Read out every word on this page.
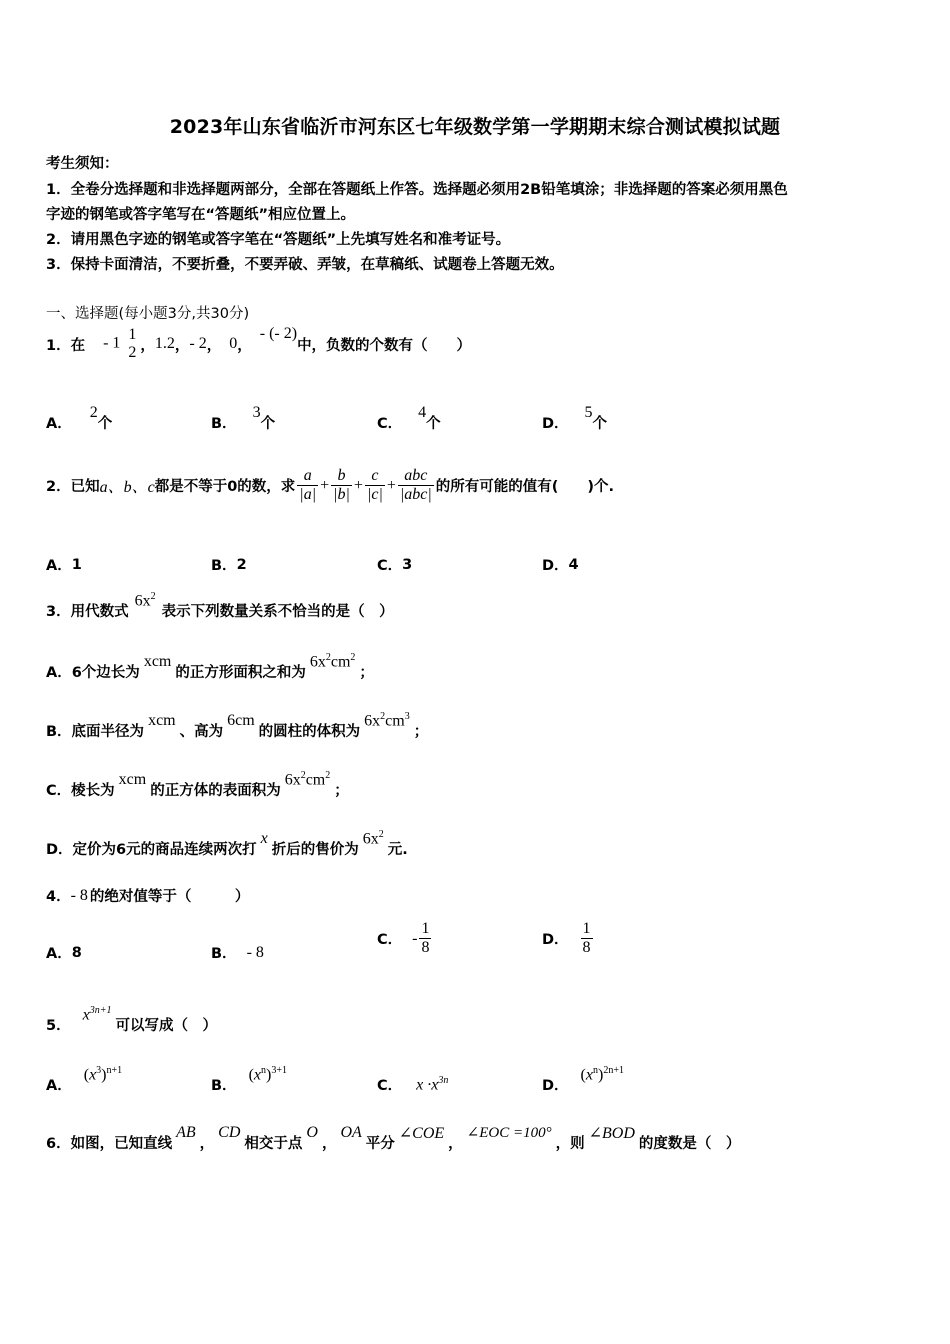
2023年山东省临沂市河东区七年级数学第一学期期末综合测试模拟试题
考生须知：
1．全卷分选择题和非选择题两部分，全部在答题纸上作答。选择题必须用2B铅笔填涂；非选择题的答案必须用黑色
字迹的钢笔或答字笔写在“答题纸”相应位置上。
2．请用黑色字迹的钢笔或答字笔在“答题纸”上先填写姓名和准考证号。
3．保持卡面清洁，不要折叠，不要弄破、弄皱，在草稿纸、试题卷上答题无效。
一、选择题(每小题3分,共30分)
1．在 - 1
1
2 ， 1.2 ， - 2 ， 0 ，
- (- 2)
中，负数的个数有（　　）
A．
2
个	B．
3
个	C．
4
个	D．
5
个
2．已知 a、b、c 都是不等于0的数，求 $\frac{a}{|a|} + \frac{b}{|b|} + \frac{c}{|c|} + \frac{\text{abc}}{\text{|abc|}}$ 的所有可能的值有(　　)个.
A． 1	B． 2	C． 3	D． 4
3．用代数式
$6x^2$
表示下列数量关系不恰当的是（　）
A．6个边长为
xcm
的正方形面积之和为
$6x^2cm^2$
；
B．底面半径为
xcm
、高为
6cm
的圆柱的体积为
$6x^2cm^3$
；
C．棱长为
xcm
的正方体的表面积为
$6x^2cm^2$
；
D．定价为6元的商品连续两次打
x
折后的售价为
$6x^2$
元.
4． - 8 的绝对值等于（　　　）
A． 8	B． - 8
C． - $\frac{1}{8}$	D． $\frac{1}{8}$
5．
$x^{3n+1}$
可以写成（　）
A．
$(x^3)^{n+1}$
B．
$(x^n)^{3+1}$
C． $x \cdot x^{3n}$	D．
$(x^n)^{2n+1}$
6．如图，已知直线
AB
，
CD
相交于点
O
，
OA
平分
∠COE
，
∠EOC =100°
，则
∠BOD
的度数是（　）
